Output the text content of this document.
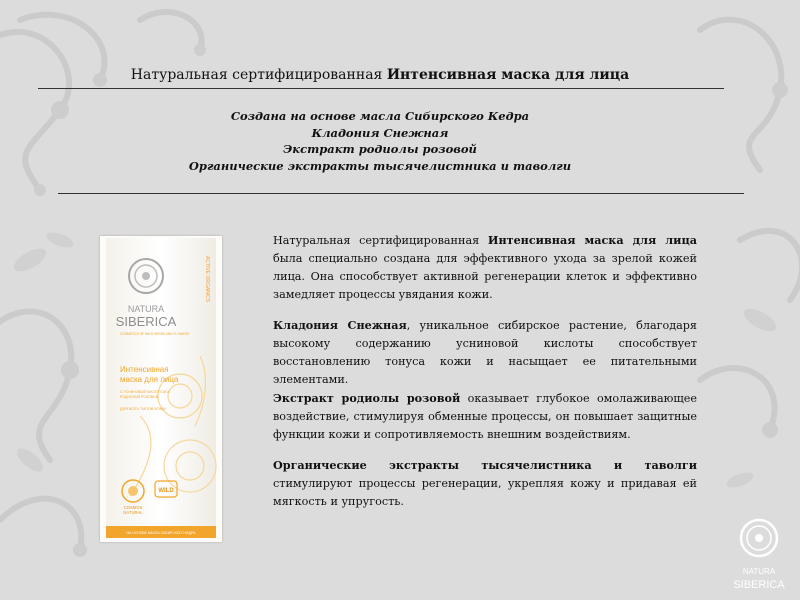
Натуральная сертифицированная Интенсивная маска для лица
Создана на основе масла Сибирского Кедра
Кладония Снежная
Экстракт родиолы розовой
Органические экстракты тысячелистника и таволги
NATURA
SIBERICA
COSMETICS OF WILD HERBS AND FLOWERS
ACTIVE ORGANICS
Интенсивная
маска для лица
С УСНИНОВОЙ КИСЛОТОЙ И
РОДИОЛОЙ РОЗОВОЙ
ДЛЯ ВСЕХ ТИПОВ КОЖИ
COSMOS
NATURAL
WILD
НА ОСНОВЕ МАСЛА СИБИРСКОГО КЕДРА

Натуральная сертифицированная Интенсивная маска для лица была специально создана для эффективного ухода за зрелой кожей лица. Она способствует активной регенерации клеток и эффективно замедляет процессы увядания кожи.

Кладония Снежная, уникальное сибирское растение, благодаря высокому содержанию усниновой кислоты способствует восстановлению тонуса кожи и насыщает ее питательными элементами.

Экстракт родиолы розовой оказывает глубокое омолаживающее воздействие, стимулируя обменные процессы, он повышает защитные функции кожи и сопротивляемость внешним воздействиям.

Органические экстракты тысячелистника и таволги стимулируют процессы регенерации, укрепляя кожу и придавая ей мягкость и упругость.

NATURA
SIBERICA
